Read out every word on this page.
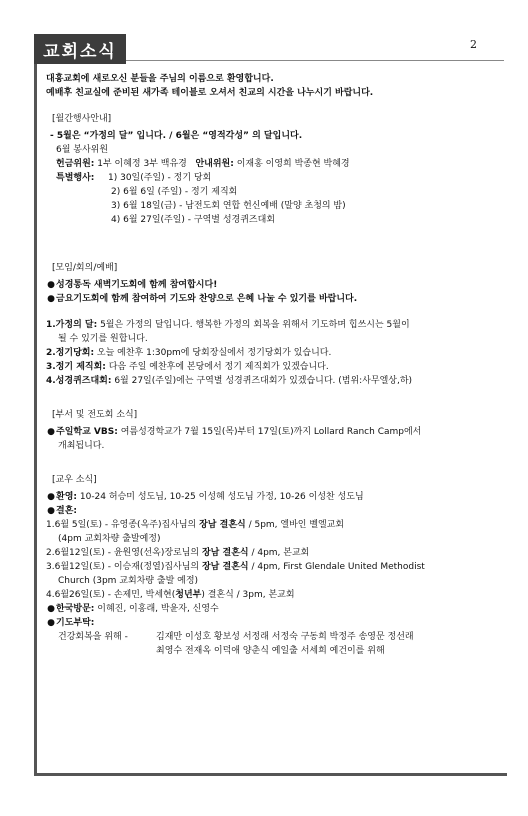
교회소식	2

대흥교회에 새로오신 분들을 주님의 이름으로 환영합니다.

예배후 친교실에 준비된 새가족 테이블로 오셔서 친교의 시간을 나누시기 바랍니다.

[월간행사안내]
- 5월은 “가정의 달” 입니다. / 6월은 “영적각성” 의 달입니다.
6월 봉사위원
헌금위원: 1부 이혜정 3부 백유경 안내위원: 이재홍 이영희 박종현 박혜경
특별행사:	1) 30일(주일) - 정기 당회
2) 6월 6일 (주일) - 정기 제직회
3) 6월 18일(금) - 남전도회 연합 헌신예배 (말양 초청의 밤)
4) 6월 27일(주일) - 구역별 성경퀴즈대회
[모임/회의/예배]
● 성경통독 새벽기도회에 함께 참여합시다!
● 금요기도회에 함께 참여하여 기도와 찬양으로 은혜 나눌 수 있기를 바랍니다.
1.가정의 달: 5월은 가정의 달입니다. 행복한 가정의 회복을 위해서 기도하며 힙쓰시는 5월이
될 수 있기를 원합니다.
2.정기당회: 오늘 예찬후 1:30pm에 당회장실에서 정기당회가 있습니다.
3.정기 제직회: 다음 주일 예찬후에 본당에서 정기 제직회가 있겠습니다.
4.성경퀴즈대회: 6월 27일(주일)에는 구역별 성경퀴즈대회가 있겠습니다. (범위:사무엘상,하)
[부서 및 전도회 소식]
● 주일학교 VBS: 여름성경학교가 7월 15일(목)부터 17일(토)까지 Lollard Ranch Camp에서
개최됩니다.
[교우 소식]
● 환영: 10-24 허승미 성도님, 10-25 이성혜 성도님 가정, 10-26 이성찬 성도님
● 결혼:
1.6월 5일(토) - 유영종(옥주)집사님의 장남 결혼식 / 5pm, 엘바인 벨엘교회
(4pm 교회차량 출발예정)
2.6월12일(토) - 윤원영(선옥)장로님의 장남 결혼식 / 4pm, 본교회
3.6월12일(토) - 이승재(정열)집사님의 장남 결혼식 / 4pm, First Glendale United Methodist
Church (3pm 교회차량 출발 예정)
4.6월26일(토) - 손제민, 박세현(청년부) 결혼식 / 3pm, 본교회
● 한국방문: 이혜진, 이홍래, 박윤자, 신영수
● 기도부탁:
건강회복을 위해 -	김재만 이성호 황보성 서정래 서정숙 구동희 박정주 송영문 정선래
최영수 전재옥 이덕애 양춘식 예일출 서세희 예건이를 위해
